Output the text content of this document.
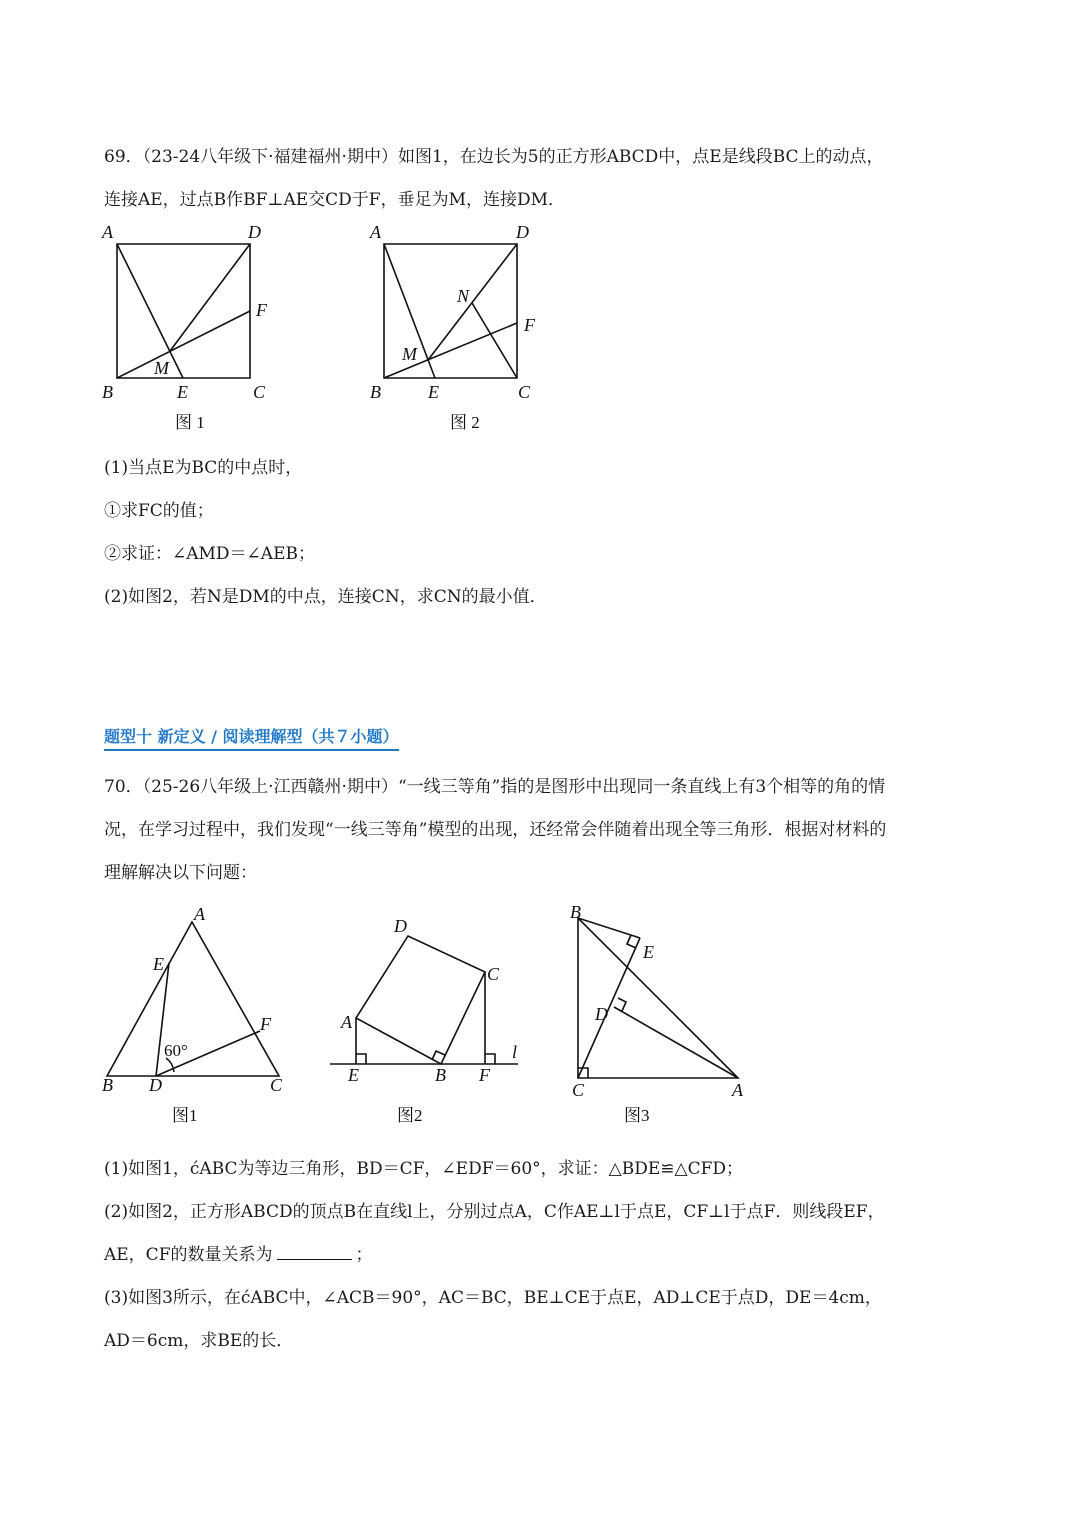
69．（23-24八年级下·福建福州·期中）如图1，在边长为5的正方形ABCD中，点E是线段BC上的动点，
连接AE，过点B作BF⊥AE交CD于F，垂足为M，连接DM．
A	D
F
B	E	C
M
图 1
A	D
N
F
M
B	E	C
图 2
(1)当点E为BC的中点时，
①求FC的值；
②求证：∠AMD＝∠AEB；
(2)如图2，若N是DM的中点，连接CN，求CN的最小值．
题型十 新定义 / 阅读理解型（共７小题）
70．（25-26八年级上·江西赣州·期中）“一线三等角”指的是图形中出现同一条直线上有3个相等的角的情
况，在学习过程中，我们发现“一线三等角”模型的出现，还经常会伴随着出现全等三角形．根据对材料的
理解解决以下问题：
A
E
F
60°
B D	C
图1
D
C
A
l
E	B F
图2
B
E
D
C	A
图3
(1)如图1，ćABC为等边三角形，BD＝CF，∠EDF＝60°，求证：△BDE≌△CFD；
(2)如图2，正方形ABCD的顶点B在直线l上，分别过点A，C作AE⊥l于点E，CF⊥l于点F．则线段EF，
AE，CF的数量关系为	；
(3)如图3所示，在ćABC中，∠ACB＝90°，AC＝BC，BE⊥CE于点E，AD⊥CE于点D，DE＝4cm，
AD＝6cm，求BE的长．
